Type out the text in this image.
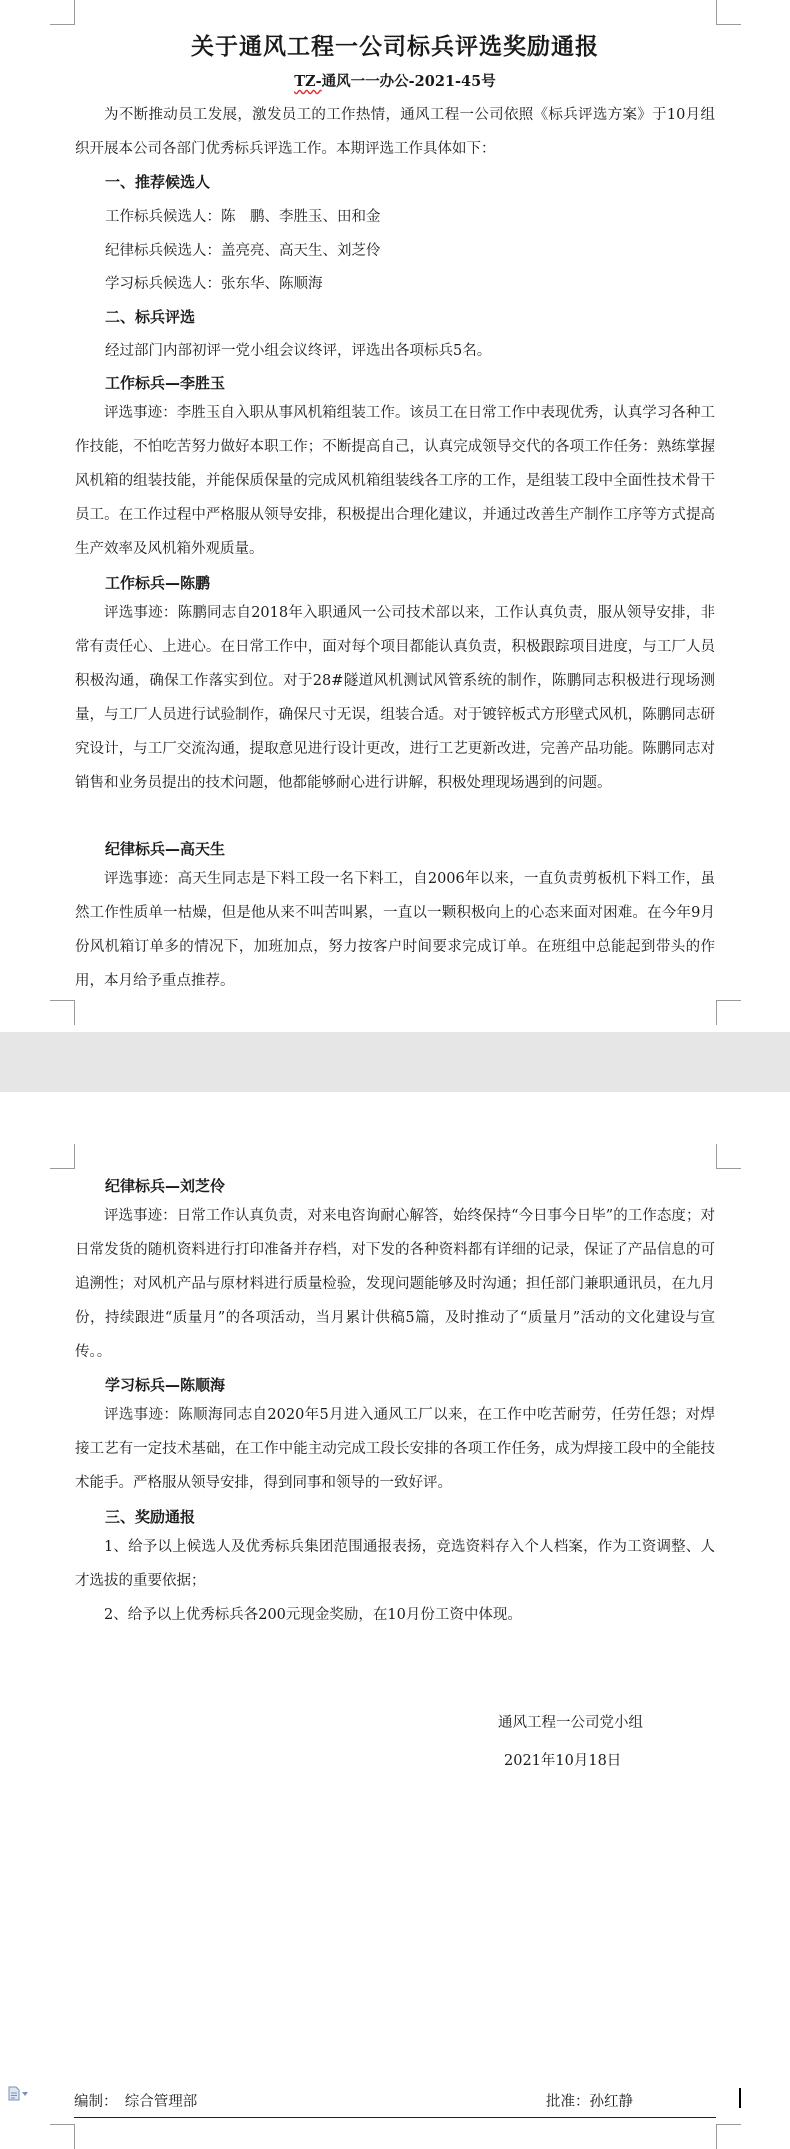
关于通风工程一公司标兵评选奖励通报
TZ-通风一一办公-2021-45号

为不断推动员工发展，激发员工的工作热情，通风工程一公司依照《标兵评选方案》于10月组织开展本公司各部门优秀标兵评选工作。本期评选工作具体如下：

一、推荐候选人

工作标兵候选人：陈　鹏、李胜玉、田和金

纪律标兵候选人：盖亮亮、高天生、刘芝伶

学习标兵候选人：张东华、陈顺海

二、标兵评选

经过部门内部初评一党小组会议终评，评选出各项标兵5名。

工作标兵—李胜玉

评选事迹：李胜玉自入职从事风机箱组装工作。该员工在日常工作中表现优秀，认真学习各种工作技能，不怕吃苦努力做好本职工作；不断提高自己，认真完成领导交代的各项工作任务：熟练掌握风机箱的组装技能，并能保质保量的完成风机箱组装线各工序的工作，是组装工段中全面性技术骨干员工。在工作过程中严格服从领导安排，积极提出合理化建议，并通过改善生产制作工序等方式提高生产效率及风机箱外观质量。

工作标兵—陈鹏

评选事迹：陈鹏同志自2018年入职通风一公司技术部以来，工作认真负责，服从领导安排，非常有责任心、上进心。在日常工作中，面对每个项目都能认真负责，积极跟踪项目进度，与工厂人员积极沟通，确保工作落实到位。对于28#隧道风机测试风管系统的制作，陈鹏同志积极进行现场测量，与工厂人员进行试验制作，确保尺寸无误，组装合适。对于镀锌板式方形壁式风机，陈鹏同志研究设计，与工厂交流沟通，提取意见进行设计更改，进行工艺更新改进，完善产品功能。陈鹏同志对销售和业务员提出的技术问题，他都能够耐心进行讲解，积极处理现场遇到的问题。

纪律标兵—高天生

评选事迹：高天生同志是下料工段一名下料工，自2006年以来，一直负责剪板机下料工作，虽然工作性质单一枯燥，但是他从来不叫苦叫累，一直以一颗积极向上的心态来面对困难。在今年9月份风机箱订单多的情况下，加班加点，努力按客户时间要求完成订单。在班组中总能起到带头的作用，本月给予重点推荐。

纪律标兵—刘芝伶

评选事迹：日常工作认真负责，对来电咨询耐心解答，始终保持“今日事今日毕”的工作态度；对日常发货的随机资料进行打印准备并存档，对下发的各种资料都有详细的记录，保证了产品信息的可追溯性；对风机产品与原材料进行质量检验，发现问题能够及时沟通；担任部门兼职通讯员，在九月份，持续跟进“质量月”的各项活动，当月累计供稿5篇，及时推动了“质量月”活动的文化建设与宣传。。

学习标兵—陈顺海

评选事迹：陈顺海同志自2020年5月进入通风工厂以来，在工作中吃苦耐劳，任劳任怨；对焊接工艺有一定技术基础，在工作中能主动完成工段长安排的各项工作任务，成为焊接工段中的全能技术能手。严格服从领导安排，得到同事和领导的一致好评。

三、奖励通报

1、给予以上候选人及优秀标兵集团范围通报表扬，竞选资料存入个人档案，作为工资调整、人才选拔的重要依据；

2、给予以上优秀标兵各200元现金奖励，在10月份工资中体现。

通风工程一公司党小组
2021年10月18日
编制：　综合管理部	批准：孙红静
